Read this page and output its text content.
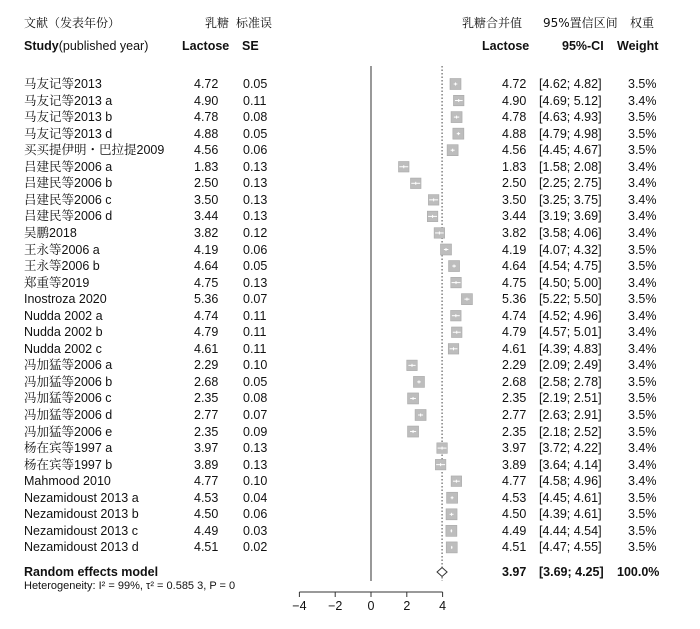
文献（发表年份）	乳糖 标准误	乳糖合并值 95%置信区间 权重
Study(published year)	Lactose SE	Lactose	95%-CI Weight
马友记等2013	4.72 0.05	4.72 [4.62; 4.82] 3.5%
马友记等2013 a	4.90 0.11	4.90 [4.69; 5.12] 3.4%
马友记等2013 b	4.78 0.08	4.78 [4.63; 4.93] 3.5%
马友记等2013 d	4.88 0.05	4.88 [4.79; 4.98] 3.5%
买买提伊明・巴拉提2009 4.56 0.06	4.56 [4.45; 4.67] 3.5%
吕建民等2006 a	1.83 0.13	1.83 [1.58; 2.08] 3.4%
吕建民等2006 b	2.50 0.13	2.50 [2.25; 2.75] 3.4%
吕建民等2006 c	3.50 0.13	3.50 [3.25; 3.75] 3.4%
吕建民等2006 d	3.44 0.13	3.44 [3.19; 3.69] 3.4%
吴鹏2018	3.82 0.12	3.82 [3.58; 4.06] 3.4%
王永等2006 a	4.19 0.06	4.19 [4.07; 4.32] 3.5%
王永等2006 b	4.64 0.05	4.64 [4.54; 4.75] 3.5%
郑重等2019	4.75 0.13	4.75 [4.50; 5.00] 3.4%
Inostroza 2020	5.36 0.07	5.36 [5.22; 5.50] 3.5%
Nudda 2002 a	4.74 0.11	4.74 [4.52; 4.96] 3.4%
Nudda 2002 b	4.79 0.11	4.79 [4.57; 5.01] 3.4%
Nudda 2002 c	4.61 0.11	4.61 [4.39; 4.83] 3.4%
冯加猛等2006 a	2.29 0.10	2.29 [2.09; 2.49] 3.4%
冯加猛等2006 b	2.68 0.05	2.68 [2.58; 2.78] 3.5%
冯加猛等2006 c	2.35 0.08	2.35 [2.19; 2.51] 3.5%
冯加猛等2006 d	2.77 0.07	2.77 [2.63; 2.91] 3.5%
冯加猛等2006 e	2.35 0.09	2.35 [2.18; 2.52] 3.5%
杨在宾等1997 a	3.97 0.13	3.97 [3.72; 4.22] 3.4%
杨在宾等1997 b	3.89 0.13	3.89 [3.64; 4.14] 3.4%
Mahmood 2010	4.77 0.10	4.77 [4.58; 4.96] 3.4%
Nezamidoust 2013 a	4.53 0.04	4.53 [4.45; 4.61] 3.5%
Nezamidoust 2013 b	4.50 0.06	4.50 [4.39; 4.61] 3.5%
Nezamidoust 2013 c	4.49 0.03	4.49 [4.44; 4.54] 3.5%
Nezamidoust 2013 d	4.51 0.02	4.51 [4.47; 4.55] 3.5%
Random effects model	3.97 [3.69; 4.25] 100.0%
Heterogeneity: I² = 99%, τ² = 0.585 3, P = 0
−4 −2 0 2 4
